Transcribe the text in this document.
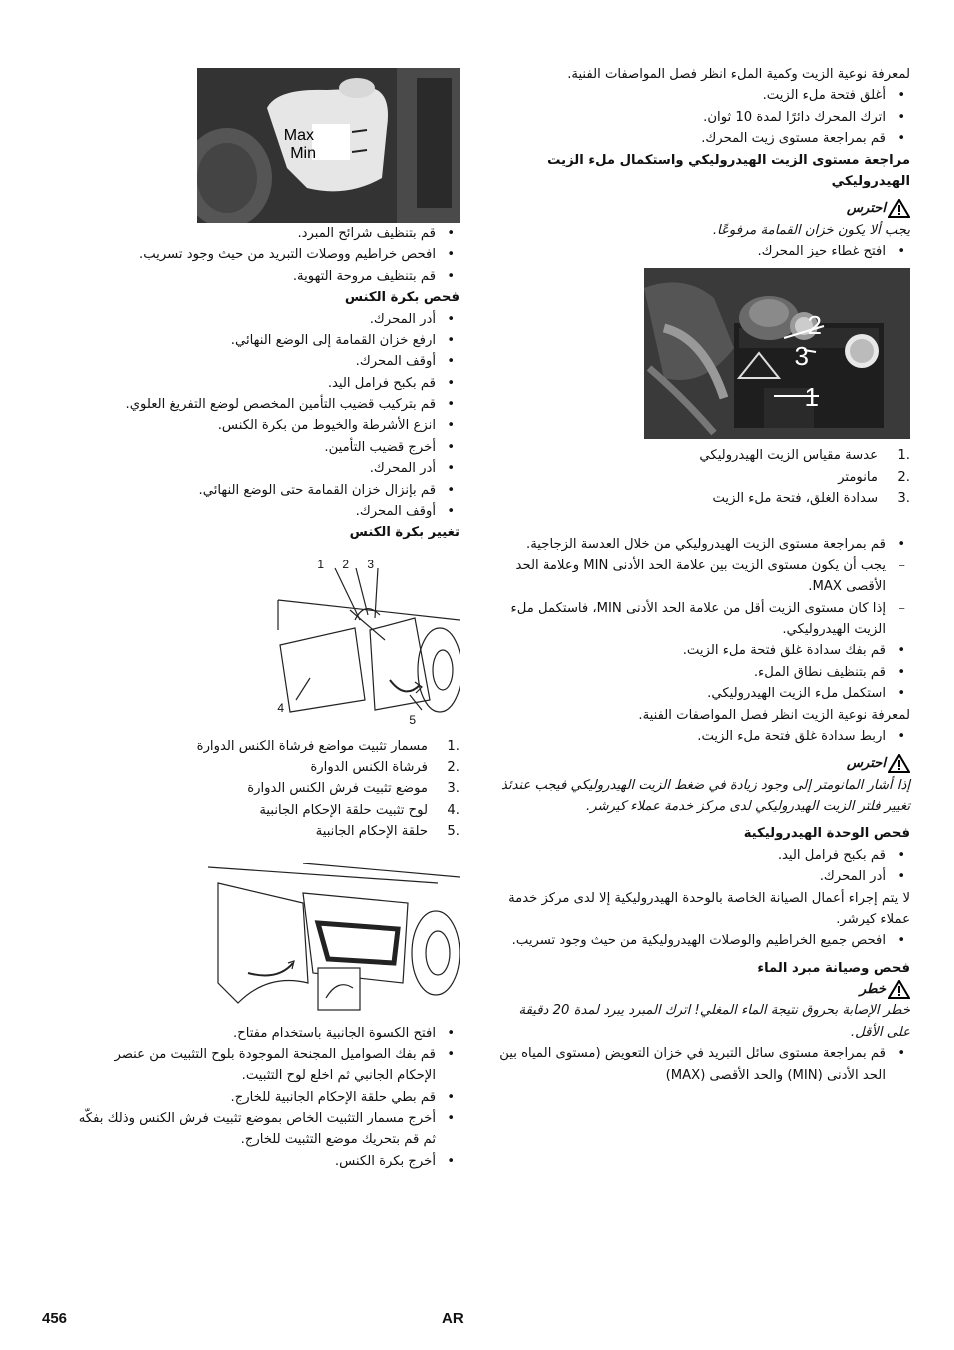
لمعرفة نوعية الزيت وكمية الملء انظر فصل المواصفات الفنية.

• أغلق فتحة ملء الزيت.
• اترك المحرك دائرًا لمدة 10 ثوان.
• قم بمراجعة مستوى زيت المحرك.

مراجعة مستوى الزيت الهيدروليكي واستكمال ملء الزيت الهيدروليكي

احترس

يجب ألا يكون خزان القمامة مرفوعًا.

• افتح غطاء حيز المحرك.
2
3
1
1.
عدسة مقياس الزيت الهيدروليكي
2.
مانومتر
3.
سدادة الغلق، فتحة ملء الزيت
• قم بمراجعة مستوى الزيت الهيدروليكي من خلال العدسة الزجاجية.
– يجب أن يكون مستوى الزيت بين علامة الحد الأدنى MIN وعلامة الحد الأقصى MAX.
– إذا كان مستوى الزيت أقل من علامة الحد الأدنى MIN، فاستكمل ملء الزيت الهيدروليكي.
• قم بفك سدادة غلق فتحة ملء الزيت.
• قم بتنظيف نطاق الملء.
• استكمل ملء الزيت الهيدروليكي.

لمعرفة نوعية الزيت انظر فصل المواصفات الفنية.

• اربط سدادة غلق فتحة ملء الزيت.
احترس

إذا أشار المانومتر إلى وجود زيادة في ضغط الزيت الهيدروليكي فيجب عندئذ تغيير فلتر الزيت الهيدروليكي لدى مركز خدمة عملاء كيرشر.

فحص الوحدة الهيدروليكية

• قم بكبح فرامل اليد.
• أدر المحرك.

لا يتم إجراء أعمال الصيانة الخاصة بالوحدة الهيدروليكية إلا لدى مركز خدمة عملاء كيرشر.

• افحص جميع الخراطيم والوصلات الهيدروليكية من حيث وجود تسريب.

فحص وصيانة مبرد الماء

خطر

خطر الإصابة بحروق نتيجة الماء المغلي! اترك المبرد يبرد لمدة 20 دقيقة على الأقل.

• قم بمراجعة مستوى سائل التبريد في خزان التعويض (مستوى المياه بين الحد الأدنى (MIN) والحد الأقصى (MAX)
Max
Min
• قم بتنظيف شرائح المبرد.
• افحص خراطيم ووصلات التبريد من حيث وجود تسريب.
• قم بتنظيف مروحة التهوية.

فحص بكرة الكنس

• أدر المحرك.
• ارفع خزان القمامة إلى الوضع النهائي.
• أوقف المحرك.
• قم بكبح فرامل اليد.
• قم بتركيب قضيب التأمين المخصص لوضع التفريغ العلوي.
• انزع الأشرطة والخيوط من بكرة الكنس.
• أخرج قضيب التأمين.
• أدر المحرك.
• قم بإنزال خزان القمامة حتى الوضع النهائي.
• أوقف المحرك.

تغيير بكرة الكنس

1 2 3
4
5
1.
مسمار تثبيت مواضع فرشاة الكنس الدوارة
2.
فرشاة الكنس الدوارة
3.
موضع تثبيت فرش الكنس الدوارة
4.
لوح تثبيت حلقة الإحكام الجانبية
5.
حلقة الإحكام الجانبية
• افتح الكسوة الجانبية باستخدام مفتاح.
• قم بفك الصواميل المجنحة الموجودة بلوح التثبيت من عنصر الإحكام الجانبي ثم اخلع لوح التثبيت.
• قم بطي حلقة الإحكام الجانبية للخارج.
• أخرج مسمار التثبيت الخاص بموضع تثبيت فرش الكنس وذلك بفكّه ثم قم بتحريك موضع التثبيت للخارج.
• أخرج بكرة الكنس.
456	AR
